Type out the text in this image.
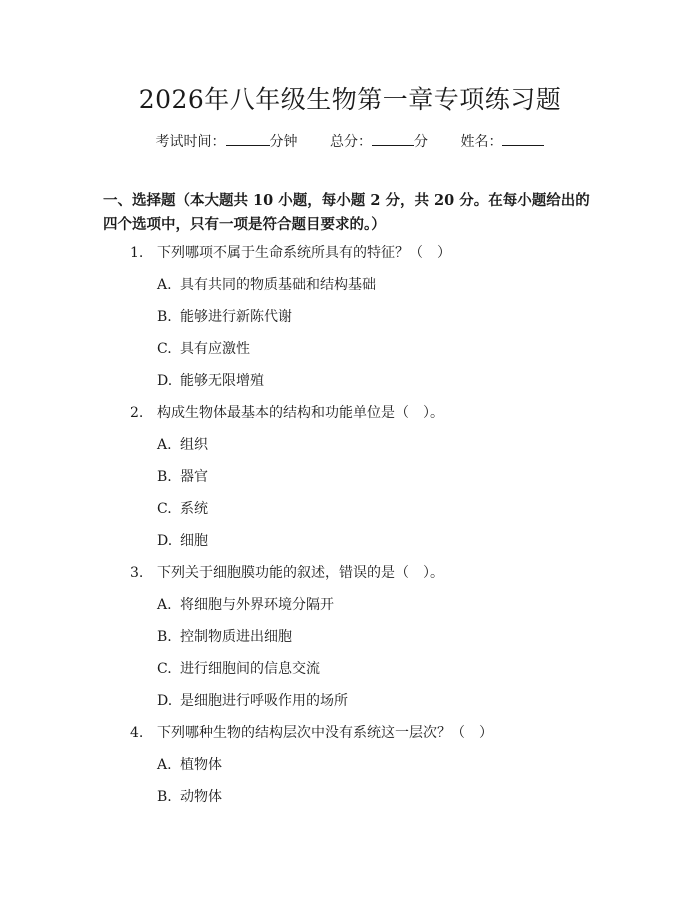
2026年八年级生物第一章专项练习题
考试时间：	分钟 总分：	分 姓名：

一、选择题（本大题共 10 小题，每小题 2 分，共 20 分。在每小题给出的四个选项中，只有一项是符合题目要求的。）

1. 下列哪项不属于生命系统所具有的特征？（　）
A. 具有共同的物质基础和结构基础
B. 能够进行新陈代谢
C. 具有应激性
D. 能够无限增殖
2. 构成生物体最基本的结构和功能单位是（　）。
A. 组织
B. 器官
C. 系统
D. 细胞
3. 下列关于细胞膜功能的叙述，错误的是（　）。
A. 将细胞与外界环境分隔开
B. 控制物质进出细胞
C. 进行细胞间的信息交流
D. 是细胞进行呼吸作用的场所
4. 下列哪种生物的结构层次中没有系统这一层次？（　）
A. 植物体
B. 动物体
